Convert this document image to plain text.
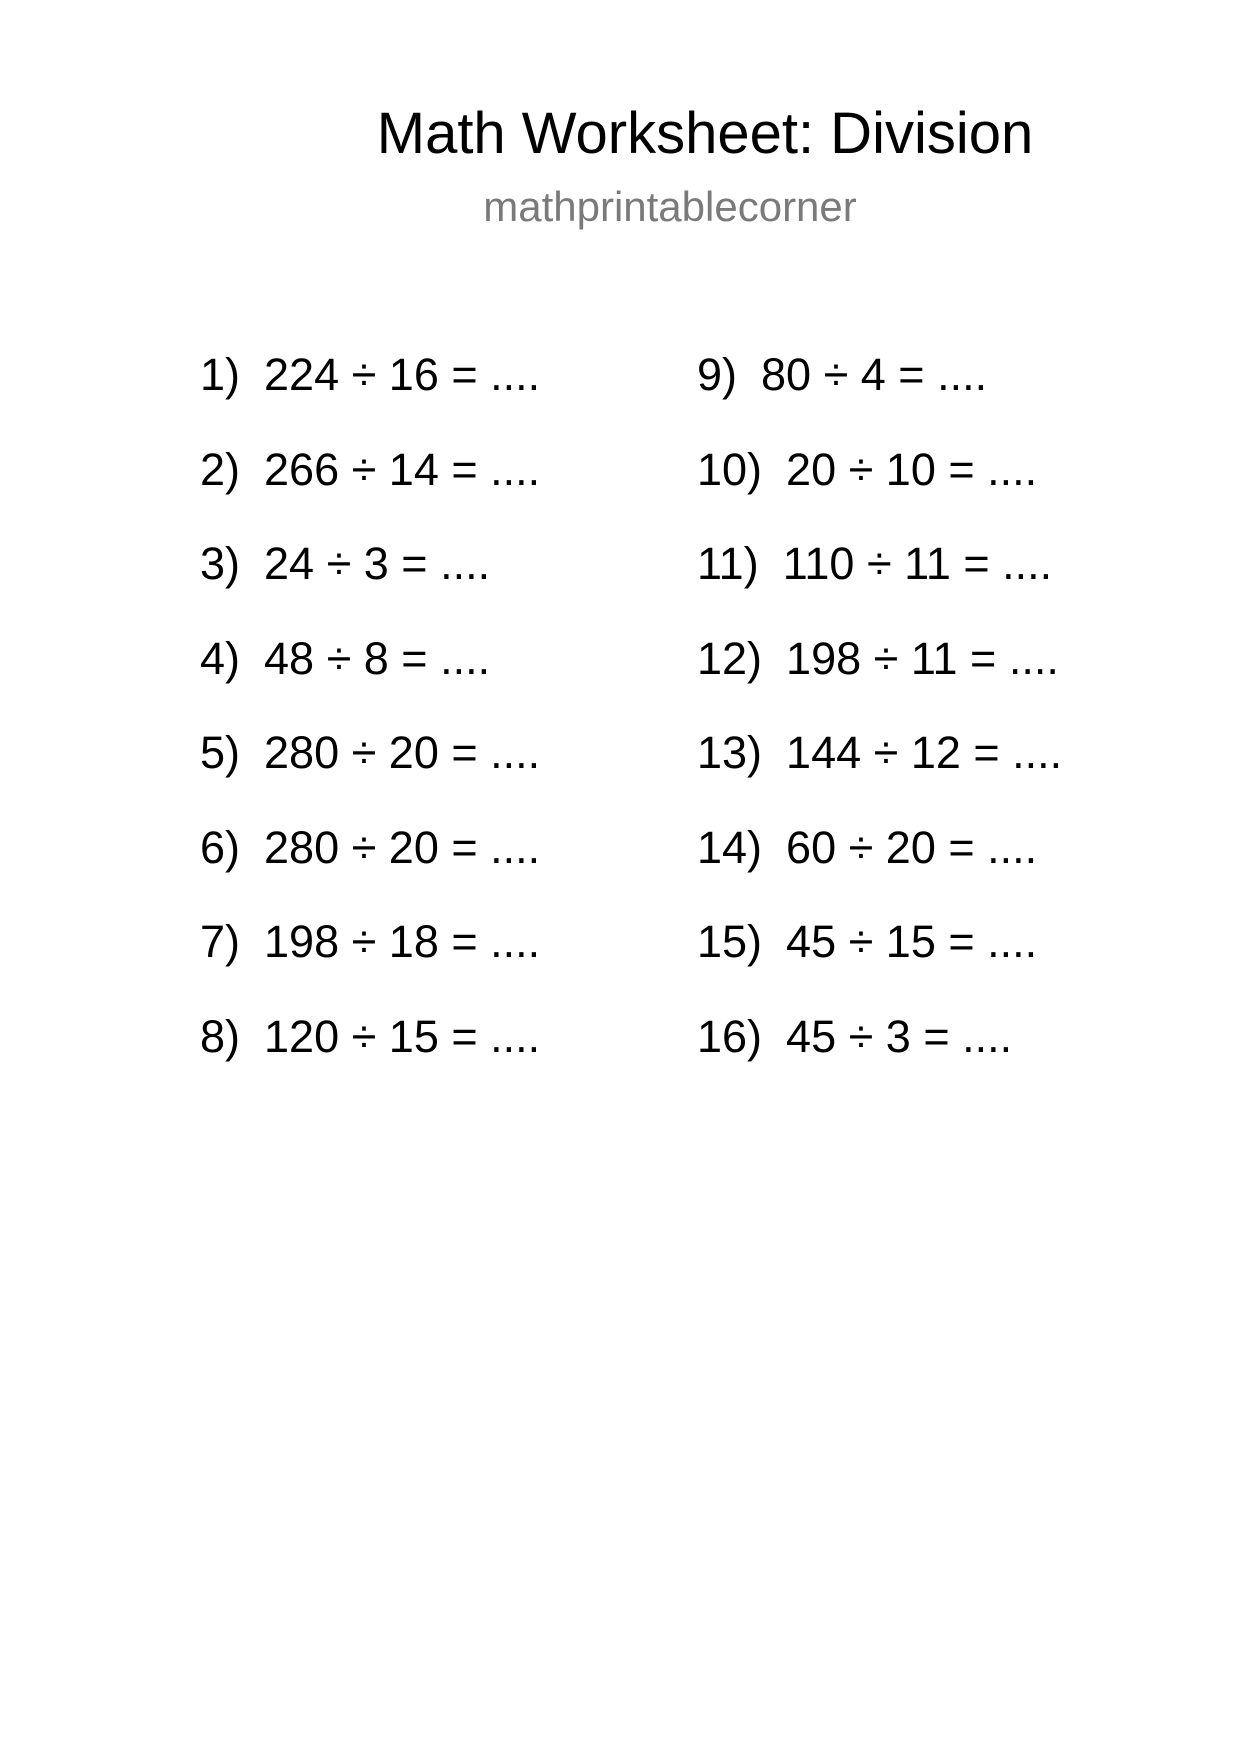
Math Worksheet: Division
mathprintablecorner
1) 224 ÷ 16 = ....
2) 266 ÷ 14 = ....
3) 24 ÷ 3 = ....
4) 48 ÷ 8 = ....
5) 280 ÷ 20 = ....
6) 280 ÷ 20 = ....
7) 198 ÷ 18 = ....
8) 120 ÷ 15 = ....
9) 80 ÷ 4 = ....
10) 20 ÷ 10 = ....
11) 110 ÷ 11 = ....
12) 198 ÷ 11 = ....
13) 144 ÷ 12 = ....
14) 60 ÷ 20 = ....
15) 45 ÷ 15 = ....
16) 45 ÷ 3 = ....
